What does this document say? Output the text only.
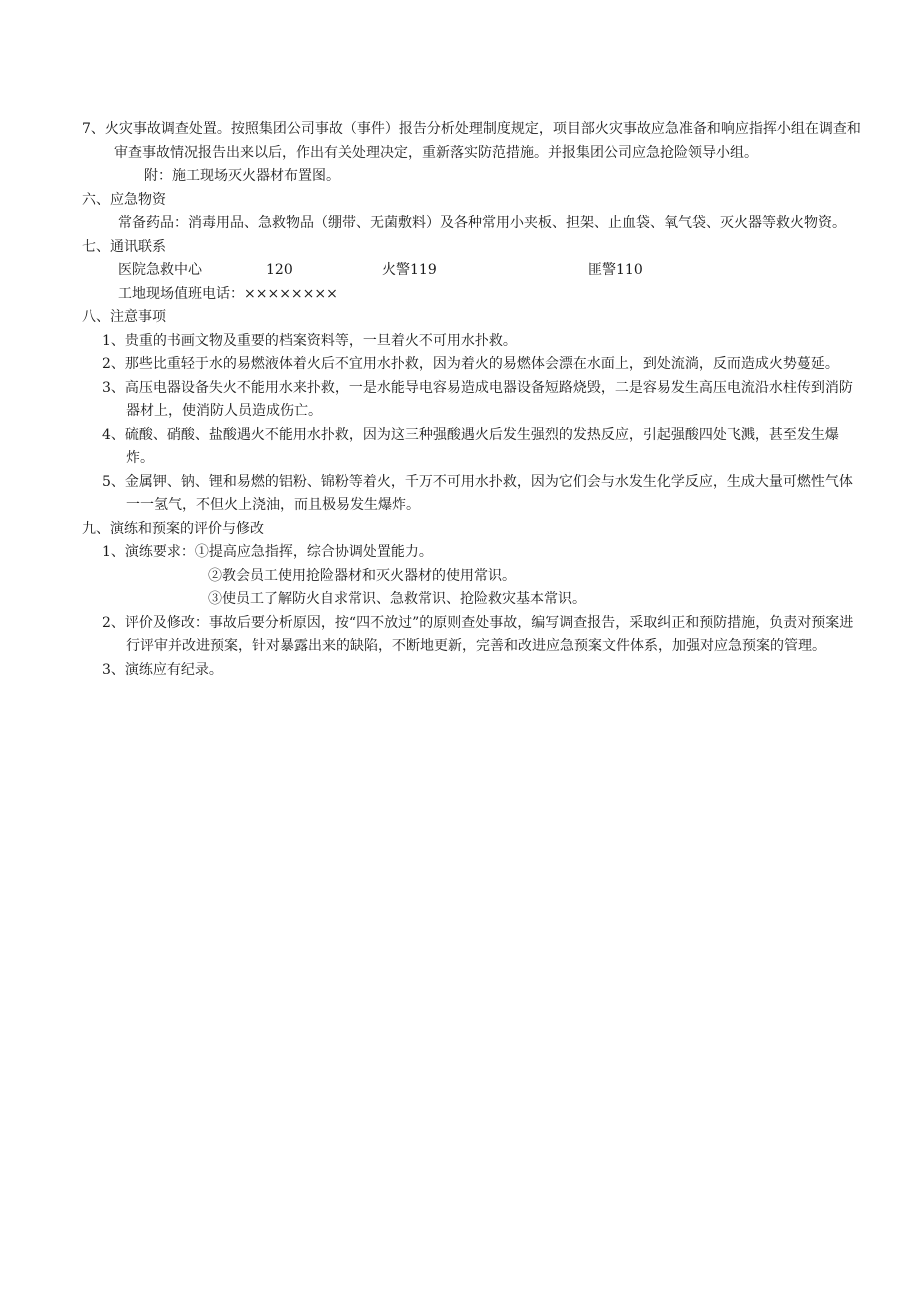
7、火灾事故调查处置。按照集团公司事故（事件）报告分析处理制度规定，项目部火灾事故应急准备和响应指挥小组在调查和审查事故情况报告出来以后，作出有关处理决定，重新落实防范措施。并报集团公司应急抢险领导小组。

附：施工现场灭火器材布置图。

六、应急物资

常备药品：消毒用品、急救物品（绷带、无菌敷料）及各种常用小夹板、担架、止血袋、氧气袋、灭火器等救火物资。

七、通讯联系

医院急救中心	120	火警119	匪警110

工地现场值班电话：××××××××

八、注意事项

1、贵重的书画文物及重要的档案资料等，一旦着火不可用水扑救。

2、那些比重轻于水的易燃液体着火后不宜用水扑救，因为着火的易燃体会漂在水面上，到处流淌，反而造成火势蔓延。

3、高压电器设备失火不能用水来扑救，一是水能导电容易造成电器设备短路烧毁，二是容易发生高压电流沿水柱传到消防器材上，使消防人员造成伤亡。

4、硫酸、硝酸、盐酸遇火不能用水扑救，因为这三种强酸遇火后发生强烈的发热反应，引起强酸四处飞溅，甚至发生爆炸。

5、金属钾、钠、锂和易燃的铝粉、锦粉等着火，千万不可用水扑救，因为它们会与水发生化学反应，生成大量可燃性气体一一氢气，不但火上浇油，而且极易发生爆炸。

九、演练和预案的评价与修改

1、演练要求：①提高应急指挥，综合协调处置能力。

②教会员工使用抢险器材和灭火器材的使用常识。

③使员工了解防火自求常识、急救常识、抢险救灾基本常识。

2、评价及修改：事故后要分析原因，按“四不放过”的原则查处事故，编写调查报告，采取纠正和预防措施，负责对预案进行评审并改进预案，针对暴露出来的缺陷，不断地更新，完善和改进应急预案文件体系，加强对应急预案的管理。

3、演练应有纪录。
